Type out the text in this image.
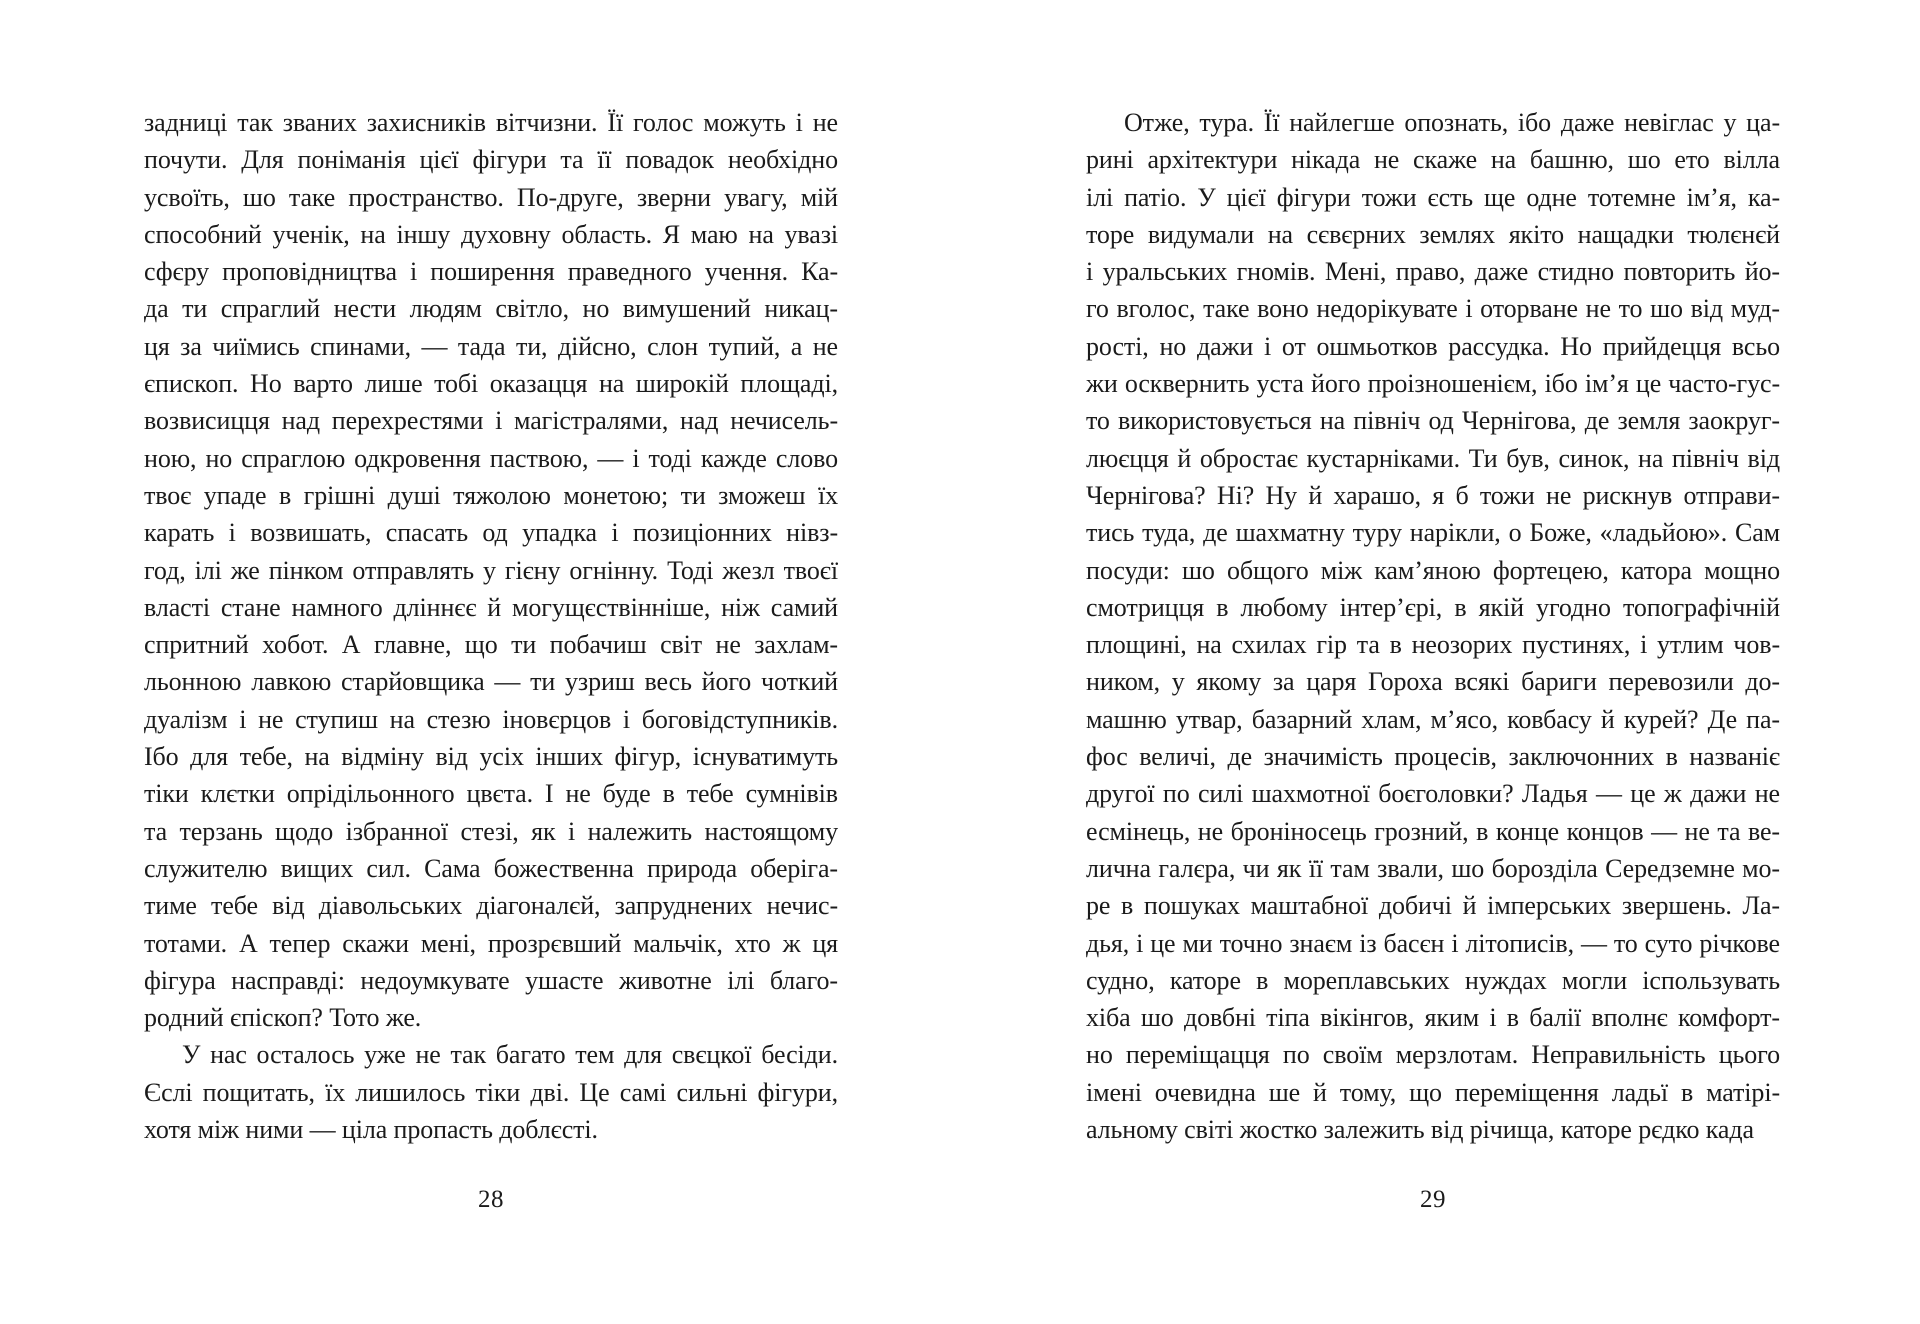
задниці так званих захисників вітчизни. Її голос можуть і не
почути. Для поніманія цієї фігури та її повадок необхідно
усвоїть, шо таке пространство. По-друге, зверни увагу, мій
способний ученік, на іншу духовну область. Я маю на увазі
сфєру проповідництва і поширення праведного учення. Ка-
да ти спраглий нести людям світло, но вимушений никац-
ця за чиїмись спинами, — тада ти, дійсно, слон тупий, а не
єпископ. Но варто лише тобі оказацця на широкій площаді,
возвисицця над перехрестями і магістралями, над нечисель-
ною, но спраглою одкровення паствою, — і тоді кажде слово
твоє упаде в грішні душі тяжолою монетою; ти зможеш їх
карать і возвишать, спасать од упадка і позиціонних нівз-
год, ілі же пінком отправлять у гієну огнінну. Тоді жезл твоєї
власті стане намного длiннєє й могущєствінніше, ніж самий
спритний хобот. А главне, що ти побачиш світ не захлам-
льонною лавкою старйовщика — ти узриш весь його чоткий
дуалізм і не ступиш на стезю іновєрцов і боговідступників.
Ібо для тебе, на відміну від усіх інших фігур, існуватимуть
тіки клєтки опрідільонного цвєта. І не буде в тебе сумнівів
та терзань щодо ізбранної стезі, як і належить настоящому
служителю вищих сил. Сама божественна природа оберіга-
тиме тебе від діавольських діагоналєй, запруднених нечис-
тотами. А тепер скажи мені, прозрєвший мальчік, хто ж ця
фігура насправді: недоумкувате ушасте животне ілі благо-
родний єпіскоп? Тото же.
У нас осталось уже не так багато тем для свєцкої бесіди.
Єслі пощитать, їх лишилось тіки дві. Це самі сильні фігури,
хотя між ними — ціла пропасть доблєсті.
28
Отже, тура. Її найлегше опознать, ібо даже невіглас у ца-
рині архітектури нікада не скаже на башню, шо ето вілла
ілі патіо. У цієї фігури тожи єсть ще одне тотемне ім’я, ка-
торе видумали на сєвєрних землях якіто нащадки тюлєнєй
і уральських гномів. Мені, право, даже стидно повторить йо-
го вголос, таке воно недорікувате і оторване не то шо від муд-
рості, но дажи і от ошмьотков рассудка. Но прийдецця всьо
жи осквернить уста його проізношенієм, ібо ім’я це часто-гус-
то використовується на північ од Чернігова, де земля заокруг-
люєцця й обростає кустарніками. Ти був, синок, на північ від
Чернігова? Ні? Ну й харашо, я б тожи не рискнув отправи-
тись туда, де шахматну туру нарікли, о Боже, «ладьйою». Сам
посуди: шо общого між кам’яною фортецею, катора мощно
смотрицця в любому інтер’єрі, в якій угодно топографічній
площині, на схилах гір та в неозорих пустинях, і утлим чов-
ником, у якому за царя Гороха всякі бариги перевозили до-
машню утвар, базарний хлам, м’ясо, ковбасу й курей? Де па-
фос величі, де значимість процесів, заключонних в названіє
другої по силі шахмотної боєголовки? Ладья — це ж дажи не
есмінець, не броніносець грозний, в конце концов — не та ве-
лична галєра, чи як її там звали, шо борозділа Середземне мо-
ре в пошуках маштабної добичі й імперських звершень. Ла-
дья, і це ми точно знаєм із басєн і літописів, — то суто річкове
судно, каторе в мореплавських нуждах могли іспользувать
хіба шо довбні тіпа вікінгов, яким і в балії вполнє комфорт-
но переміщацця по своїм мерзлотам. Неправильність цього
імені очевидна ше й тому, що переміщення ладьї в матірі-
альному світі жостко залежить від річища, каторе рєдко када
29
